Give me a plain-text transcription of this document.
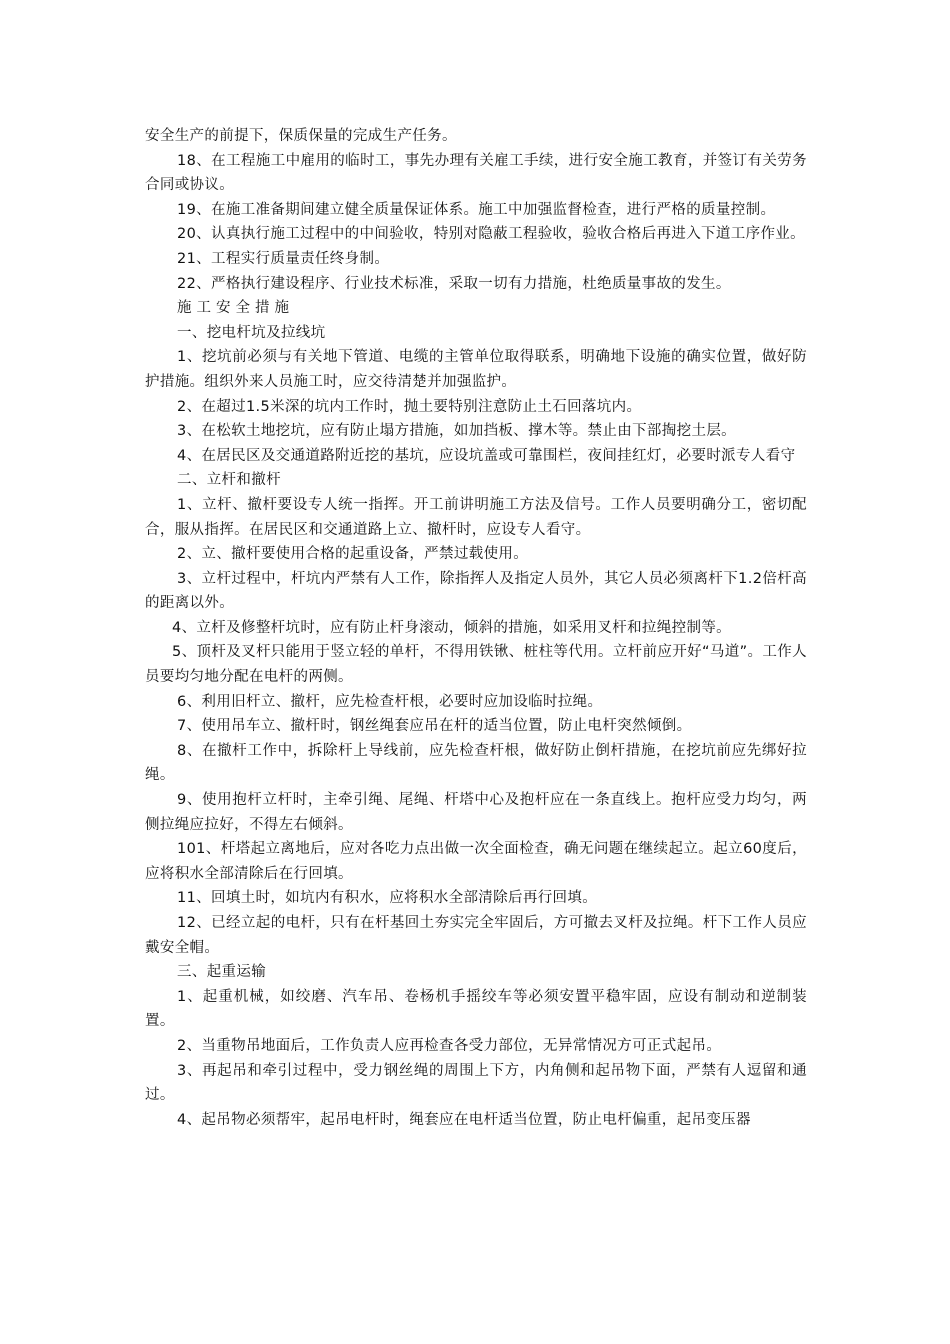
安全生产的前提下，保质保量的完成生产任务。

18、在工程施工中雇用的临时工，事先办理有关雇工手续，进行安全施工教育，并签订有关劳务合同或协议。

19、在施工准备期间建立健全质量保证体系。施工中加强监督检查，进行严格的质量控制。

20、认真执行施工过程中的中间验收，特别对隐蔽工程验收，验收合格后再进入下道工序作业。

21、工程实行质量责任终身制。

22、严格执行建设程序、行业技术标准，采取一切有力措施，杜绝质量事故的发生。

施工安全措施

一、挖电杆坑及拉线坑

1、挖坑前必须与有关地下管道、电缆的主管单位取得联系，明确地下设施的确实位置，做好防护措施。组织外来人员施工时，应交待清楚并加强监护。

2、在超过1.5米深的坑内工作时，抛土要特别注意防止土石回落坑内。

3、在松软土地挖坑，应有防止塌方措施，如加挡板、撑木等。禁止由下部掏挖土层。

4、在居民区及交通道路附近挖的基坑，应设坑盖或可靠围栏，夜间挂红灯，必要时派专人看守

二、立杆和撤杆

1、立杆、撤杆要设专人统一指挥。开工前讲明施工方法及信号。工作人员要明确分工，密切配合，服从指挥。在居民区和交通道路上立、撤杆时，应设专人看守。

2、立、撤杆要使用合格的起重设备，严禁过载使用。

3、立杆过程中，杆坑内严禁有人工作，除指挥人及指定人员外，其它人员必须离杆下1.2倍杆高的距离以外。

4、立杆及修整杆坑时，应有防止杆身滚动，倾斜的措施，如采用叉杆和拉绳控制等。

5、顶杆及叉杆只能用于竖立轻的单杆，不得用铁锹、桩柱等代用。立杆前应开好“马道”。工作人员要均匀地分配在电杆的两侧。

6、利用旧杆立、撤杆，应先检查杆根，必要时应加设临时拉绳。

7、使用吊车立、撤杆时，钢丝绳套应吊在杆的适当位置，防止电杆突然倾倒。

8、在撤杆工作中，拆除杆上导线前，应先检查杆根，做好防止倒杆措施，在挖坑前应先绑好拉绳。

9、使用抱杆立杆时，主牵引绳、尾绳、杆塔中心及抱杆应在一条直线上。抱杆应受力均匀，两侧拉绳应拉好，不得左右倾斜。

101、杆塔起立离地后，应对各吃力点出做一次全面检查，确无问题在继续起立。起立60度后，应将积水全部清除后在行回填。

11、回填土时，如坑内有积水，应将积水全部清除后再行回填。

12、已经立起的电杆，只有在杆基回土夯实完全牢固后，方可撤去叉杆及拉绳。杆下工作人员应戴安全帽。

三、起重运输

1、起重机械，如绞磨、汽车吊、卷杨机手摇绞车等必须安置平稳牢固，应设有制动和逆制装置。

2、当重物吊地面后，工作负责人应再检查各受力部位，无异常情况方可正式起吊。

3、再起吊和牵引过程中，受力钢丝绳的周围上下方，内角侧和起吊物下面，严禁有人逗留和通过。

4、起吊物必须帮牢，起吊电杆时，绳套应在电杆适当位置，防止电杆偏重，起吊变压器
